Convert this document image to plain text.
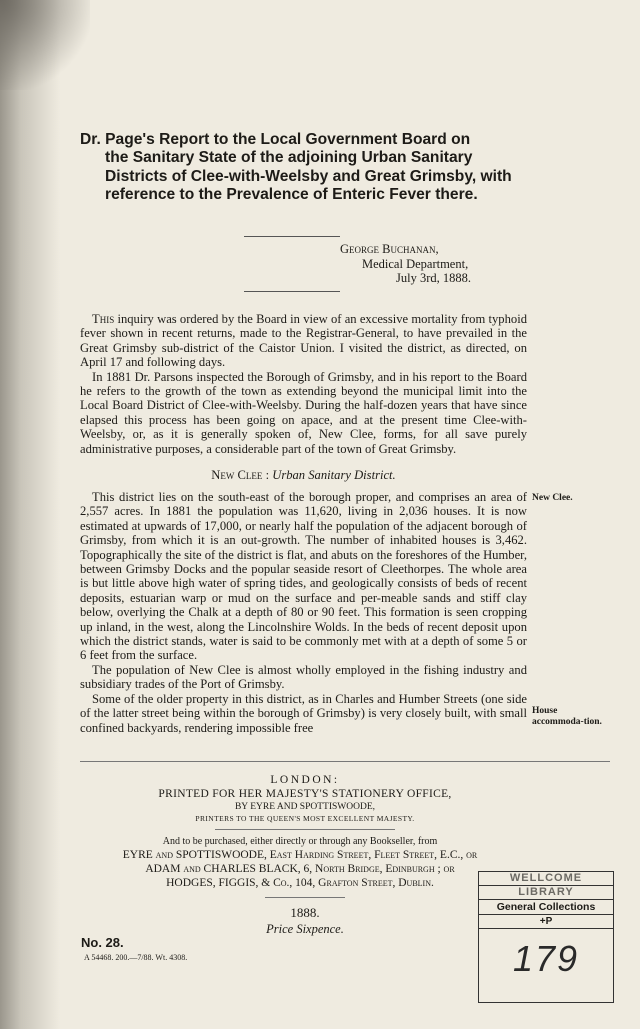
Dr. Page's Report to the Local Government Board on
the Sanitary State of the adjoining Urban Sanitary Districts of Clee-with-Weelsby and Great Grimsby, with reference to the Prevalence of Enteric Fever there.
George Buchanan,
Medical Department,
July 3rd, 1888.

This inquiry was ordered by the Board in view of an excessive mortality from typhoid fever shown in recent returns, made to the Registrar-General, to have prevailed in the Great Grimsby sub-district of the Caistor Union. I visited the district, as directed, on April 17 and following days.

In 1881 Dr. Parsons inspected the Borough of Grimsby, and in his report to the Board he refers to the growth of the town as extending beyond the municipal limit into the Local Board District of Clee-with-Weelsby. During the half-dozen years that have since elapsed this process has been going on apace, and at the present time Clee-with-Weelsby, or, as it is generally spoken of, New Clee, forms, for all save purely administrative purposes, a considerable part of the town of Great Grimsby.

New Clee : Urban Sanitary District.

This district lies on the south-east of the borough proper, and comprises an area of 2,557 acres. In 1881 the population was 11,620, living in 2,036 houses. It is now estimated at upwards of 17,000, or nearly half the population of the adjacent borough of Grimsby, from which it is an out-growth. The number of inhabited houses is 3,462. Topographically the site of the district is flat, and abuts on the foreshores of the Humber, between Grimsby Docks and the popular seaside resort of Cleethorpes. The whole area is but little above high water of spring tides, and geologically consists of beds of recent deposits, estuarian warp or mud on the surface and per-meable sands and stiff clay below, overlying the Chalk at a depth of 80 or 90 feet. This formation is seen cropping up inland, in the west, along the Lincolnshire Wolds. In the beds of recent deposit upon which the district stands, water is said to be commonly met with at a depth of some 5 or 6 feet from the surface.

The population of New Clee is almost wholly employed in the fishing industry and subsidiary trades of the Port of Grimsby.

Some of the older property in this district, as in Charles and Humber Streets (one side of the latter street being within the borough of Grimsby) is very closely built, with small confined backyards, rendering impossible free

New Clee.
House accommoda-tion.
LONDON:
PRINTED FOR HER MAJESTY'S STATIONERY OFFICE,
BY EYRE AND SPOTTISWOODE,
PRINTERS TO THE QUEEN'S MOST EXCELLENT MAJESTY.
And to be purchased, either directly or through any Bookseller, from
EYRE and SPOTTISWOODE, East Harding Street, Fleet Street, E.C., or
ADAM and CHARLES BLACK, 6, North Bridge, Edinburgh ; or
HODGES, FIGGIS, & Co., 104, Grafton Street, Dublin.
1888.
Price Sixpence.
No. 28.
A 54468. 200.—7/88. Wt. 4308.
WELLCOME
LIBRARY
General Collections
+P
179
